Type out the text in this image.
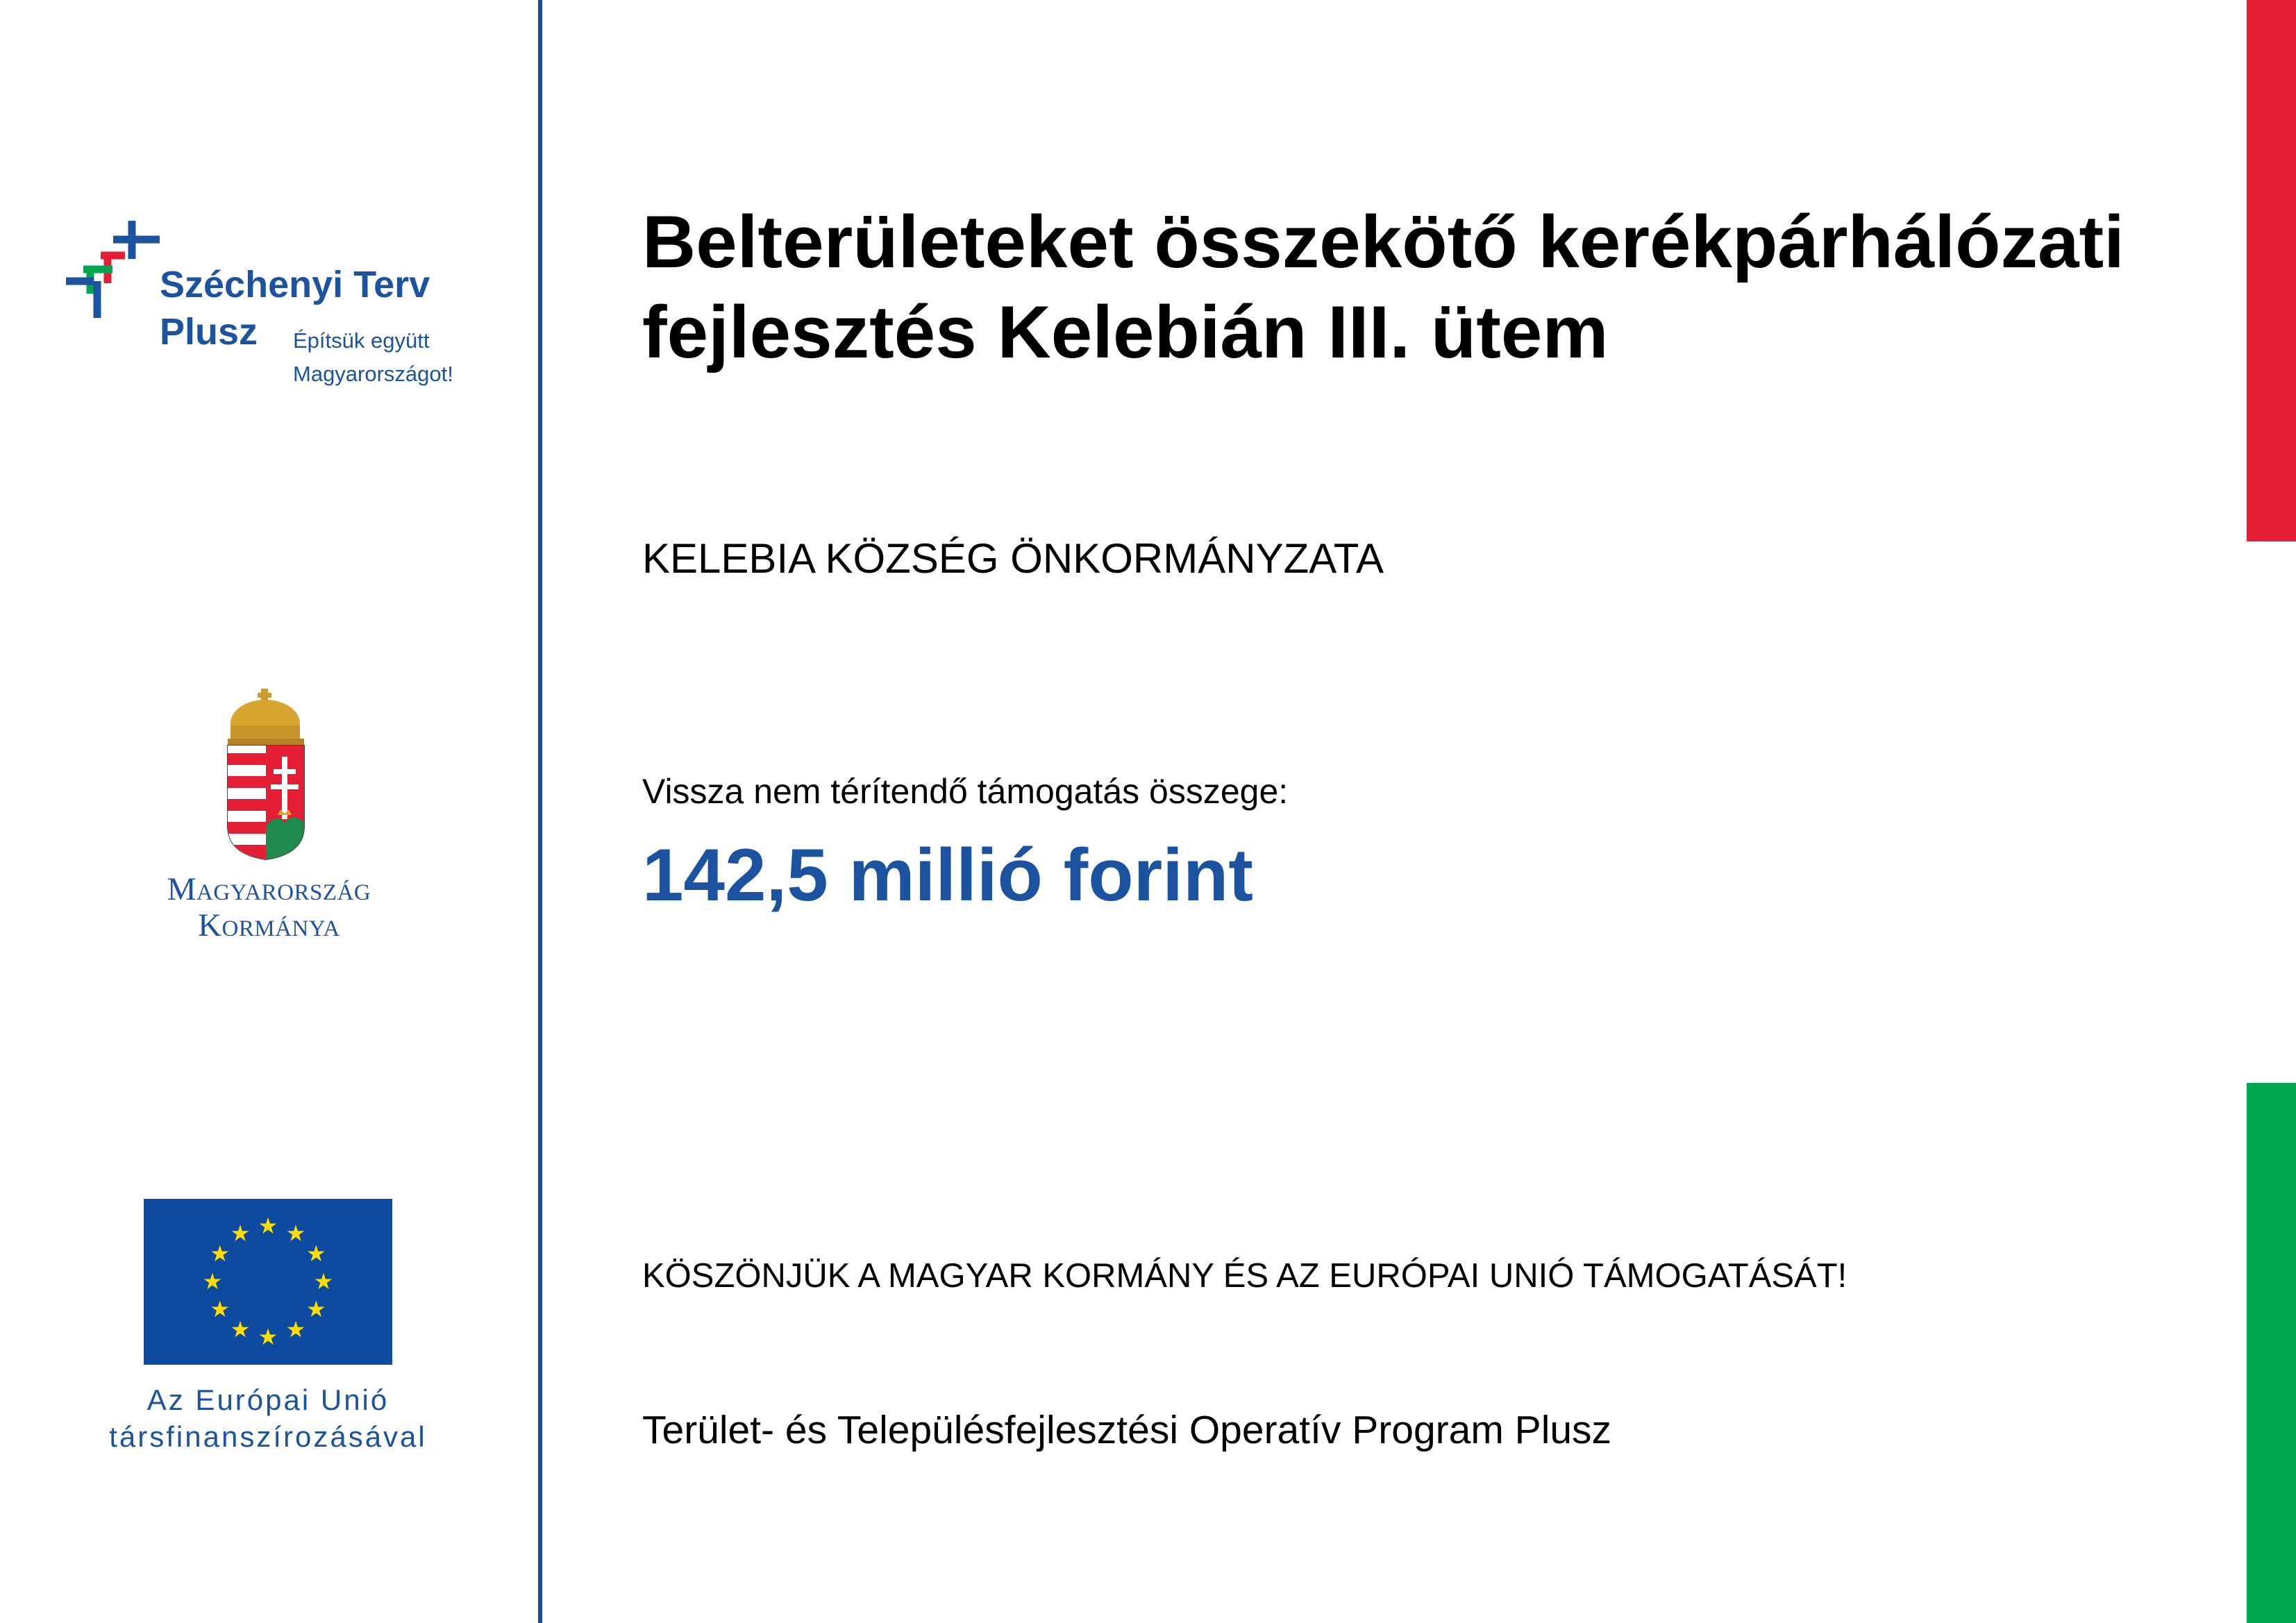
Széchenyi Terv
Plusz Építsük együtt
Magyarországot!
Magyarország
Kormánya
Az Európai Unió
társfinanszírozásával
Belterületeket összekötő kerékpárhálózati fejlesztés Kelebián III. ütem
KELEBIA KÖZSÉG ÖNKORMÁNYZATA
Vissza nem térítendő támogatás összege:
142,5 millió forint
KÖSZÖNJÜK A MAGYAR KORMÁNY ÉS AZ EURÓPAI UNIÓ TÁMOGATÁSÁT!
Terület- és Településfejlesztési Operatív Program Plusz
